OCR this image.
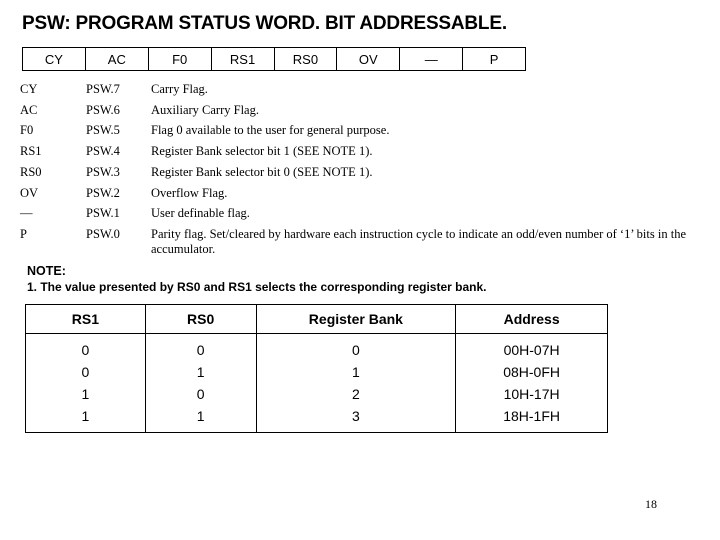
PSW: PROGRAM STATUS WORD. BIT ADDRESSABLE.
CY	AC	F0	RS1	RS0	OV	—	P
CY	PSW.7	Carry Flag.
AC	PSW.6	Auxiliary Carry Flag.
F0	PSW.5	Flag 0 available to the user for general purpose.
RS1	PSW.4	Register Bank selector bit 1 (SEE NOTE 1).
RS0	PSW.3	Register Bank selector bit 0 (SEE NOTE 1).
OV	PSW.2	Overflow Flag.
—	PSW.1	User definable flag.
P	PSW.0	Parity flag. Set/cleared by hardware each instruction cycle to indicate an odd/even number of ‘1’ bits in the accumulator.
NOTE:
1. The value presented by RS0 and RS1 selects the corresponding register bank.
RS1	RS0	Register Bank	Address
0	0	0	00H-07H
0	1	1	08H-0FH
1	0	2	10H-17H
1	1	3	18H-1FH
18
